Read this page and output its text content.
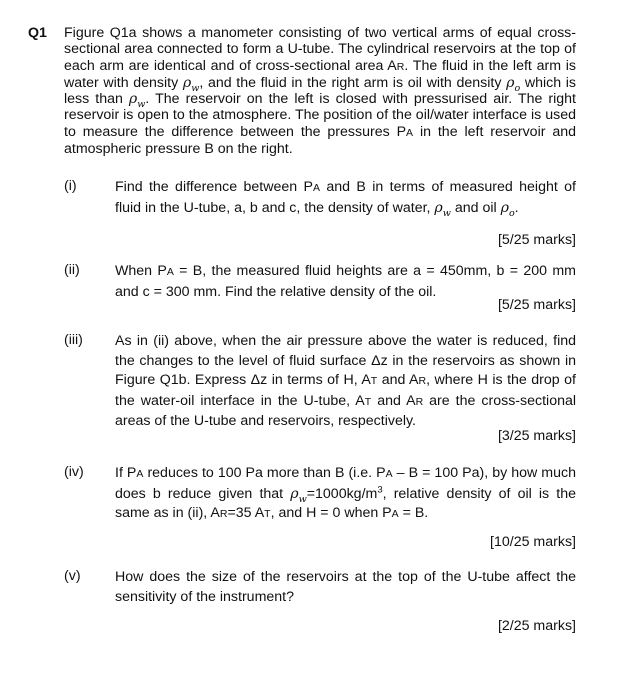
Q1 Figure Q1a shows a manometer consisting of two vertical arms of equal cross-sectional area connected to form a U-tube. The cylindrical reservoirs at the top of each arm are identical and of cross-sectional area AR. The fluid in the left arm is water with density $\rho_w$, and the fluid in the right arm is oil with density $\rho_o$ which is less than $\rho_w$. The reservoir on the left is closed with pressurised air. The right reservoir is open to the atmosphere. The position of the oil/water interface is used to measure the difference between the pressures PA in the left reservoir and atmospheric pressure B on the right.
(i)	Find the difference between PA and B in terms of measured height of fluid in the U-tube, a, b and c, the density of water, $\rho_w$ and oil $\rho_o$.
[5/25 marks]
(ii) When PA = B, the measured fluid heights are a = 450mm, b = 200 mm and c = 300 mm. Find the relative density of the oil.
[5/25 marks]
(iii) As in (ii) above, when the air pressure above the water is reduced, find the changes to the level of fluid surface Δz in the reservoirs as shown in Figure Q1b. Express Δz in terms of H, AT and AR, where H is the drop of the water-oil interface in the U-tube, AT and AR are the cross-sectional areas of the U-tube and reservoirs, respectively.
[3/25 marks]
(iv) If PA reduces to 100 Pa more than B (i.e. PA – B = 100 Pa), by how much does b reduce given that $\rho_w=1000kg/m^3$, relative density of oil is the same as in (ii), AR=35 AT, and H = 0 when PA = B.
[10/25 marks]
(v) How does the size of the reservoirs at the top of the U-tube affect the sensitivity of the instrument?
[2/25 marks]
